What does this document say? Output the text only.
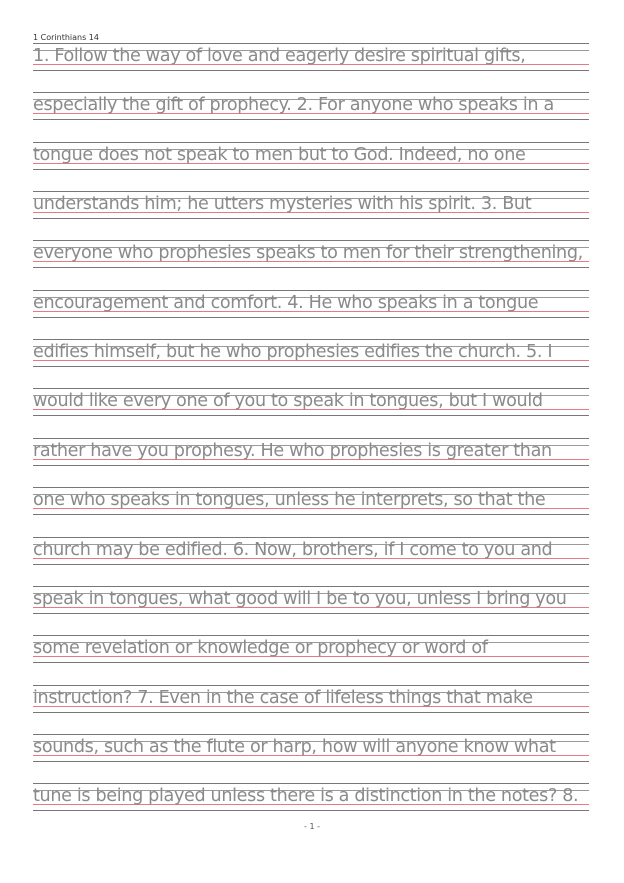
1 Corinthians 14
1. Follow the way of love and eagerly desire spiritual gifts,
especially the gift of prophecy. 2. For anyone who speaks in a
tongue does not speak to men but to God. Indeed, no one
understands him; he utters mysteries with his spirit. 3. But
everyone who prophesies speaks to men for their strengthening,
encouragement and comfort. 4. He who speaks in a tongue
edifies himself, but he who prophesies edifies the church. 5. I
would like every one of you to speak in tongues, but I would
rather have you prophesy. He who prophesies is greater than
one who speaks in tongues, unless he interprets, so that the
church may be edified. 6. Now, brothers, if I come to you and
speak in tongues, what good will I be to you, unless I bring you
some revelation or knowledge or prophecy or word of
instruction? 7. Even in the case of lifeless things that make
sounds, such as the flute or harp, how will anyone know what
tune is being played unless there is a distinction in the notes? 8.
- 1 -
